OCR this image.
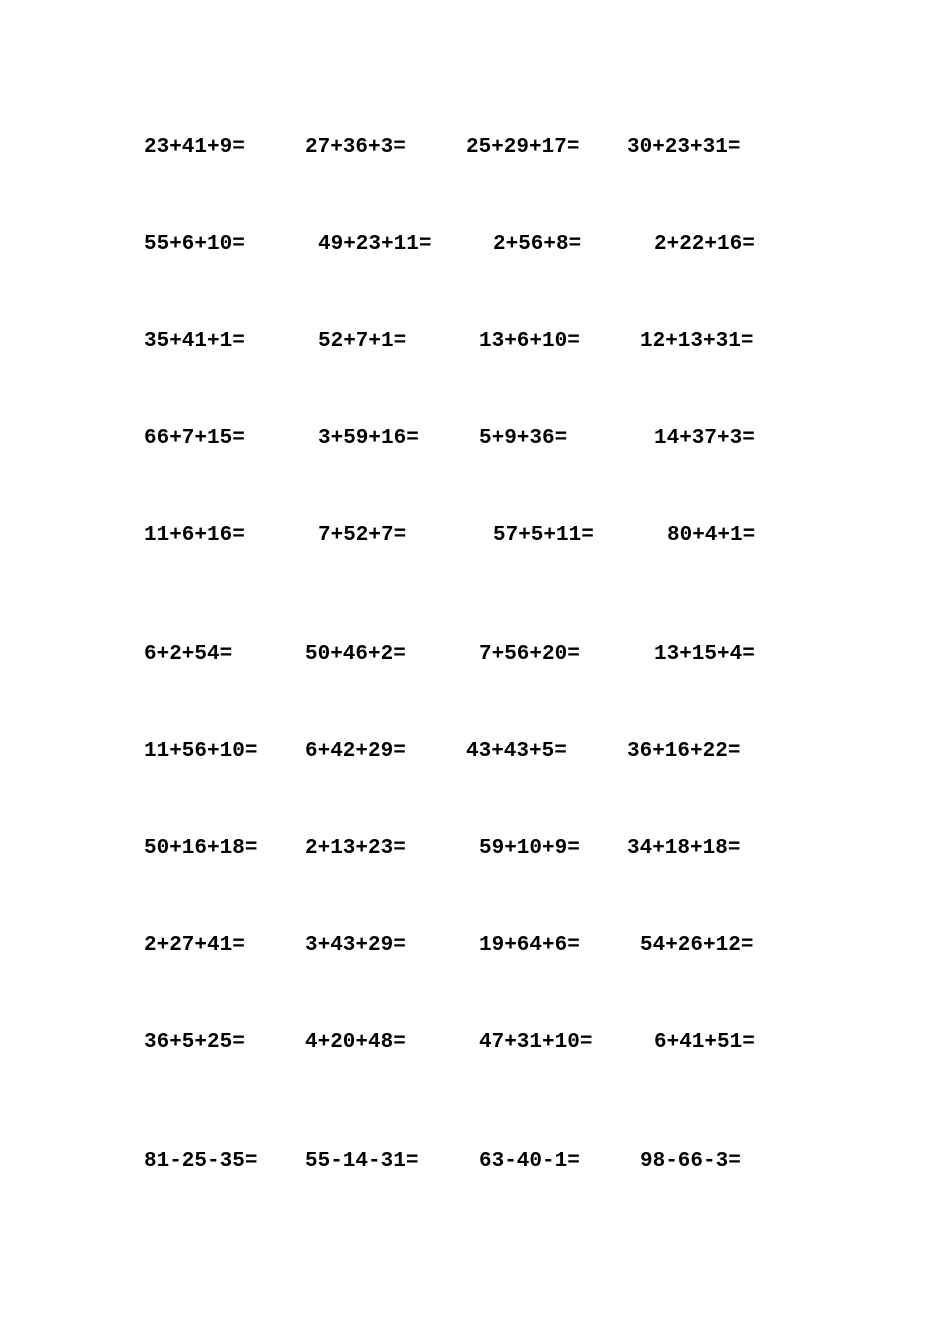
23+41+9=	27+36+3=	25+29+17= 30+23+31=
55+6+10=	49+23+11=	2+56+8=	2+22+16=
35+41+1=	52+7+1=	13+6+10=	12+13+31=
66+7+15=	3+59+16=	5+9+36=	14+37+3=
11+6+16=	7+52+7=	57+5+11=	80+4+1=
6+2+54=	50+46+2=	7+56+20=	13+15+4=
11+56+10= 6+42+29=	43+43+5=	36+16+22=
50+16+18= 2+13+23=	59+10+9= 34+18+18=
2+27+41=	3+43+29=	19+64+6=	54+26+12=
36+5+25=	4+20+48=	47+31+10=	6+41+51=
81-25-35= 55-14-31=	63-40-1=	98-66-3=
